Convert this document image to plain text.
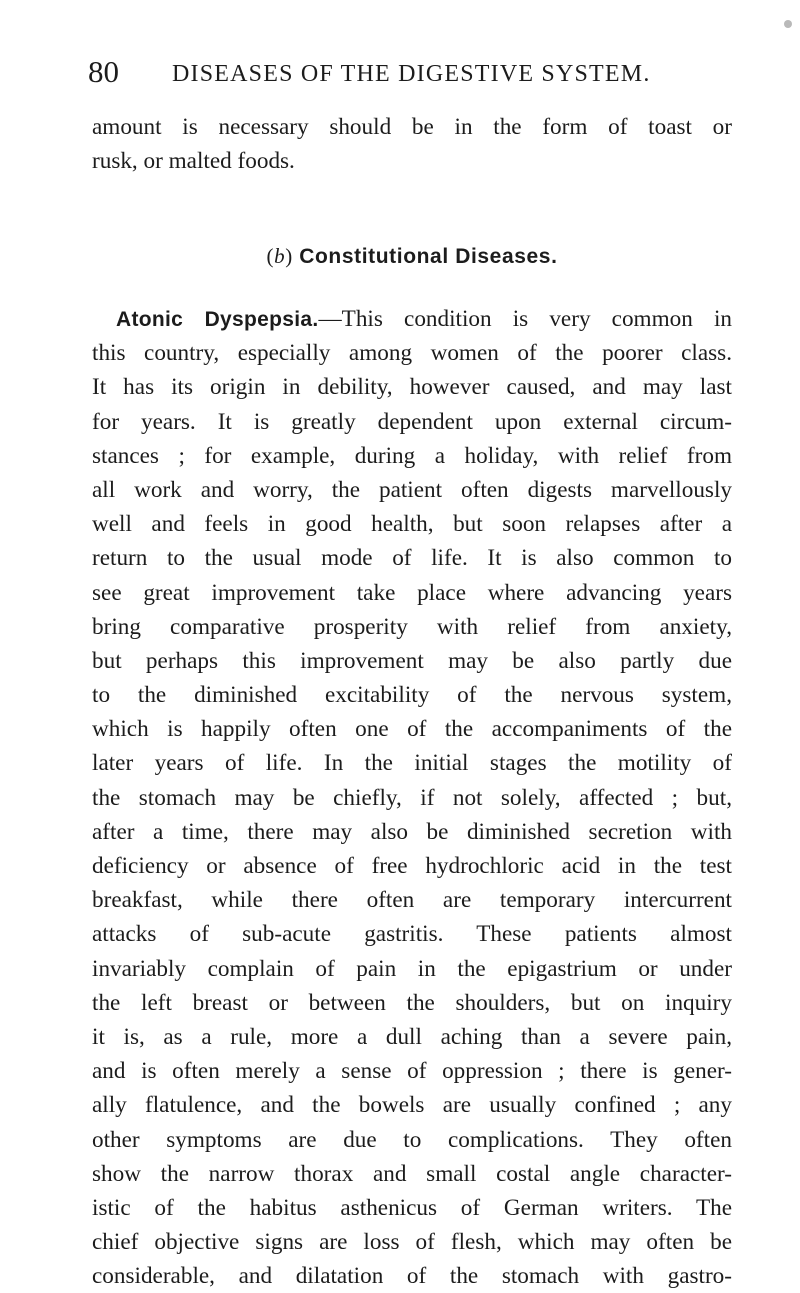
80 DISEASES OF THE DIGESTIVE SYSTEM.
amount is necessary should be in the form of toast or
rusk, or malted foods.
(b) Constitutional Diseases.
Atonic Dyspepsia.—This condition is very common in
this country, especially among women of the poorer class.
It has its origin in debility, however caused, and may last
for years. It is greatly dependent upon external circum-
stances ; for example, during a holiday, with relief from
all work and worry, the patient often digests marvellously
well and feels in good health, but soon relapses after a
return to the usual mode of life. It is also common to
see great improvement take place where advancing years
bring comparative prosperity with relief from anxiety,
but perhaps this improvement may be also partly due
to the diminished excitability of the nervous system,
which is happily often one of the accompaniments of the
later years of life. In the initial stages the motility of
the stomach may be chiefly, if not solely, affected ; but,
after a time, there may also be diminished secretion with
deficiency or absence of free hydrochloric acid in the test
breakfast, while there often are temporary intercurrent
attacks of sub-acute gastritis. These patients almost
invariably complain of pain in the epigastrium or under
the left breast or between the shoulders, but on inquiry
it is, as a rule, more a dull aching than a severe pain,
and is often merely a sense of oppression ; there is gener-
ally flatulence, and the bowels are usually confined ; any
other symptoms are due to complications. They often
show the narrow thorax and small costal angle character-
istic of the habitus asthenicus of German writers. The
chief objective signs are loss of flesh, which may often be
considerable, and dilatation of the stomach with gastro-
